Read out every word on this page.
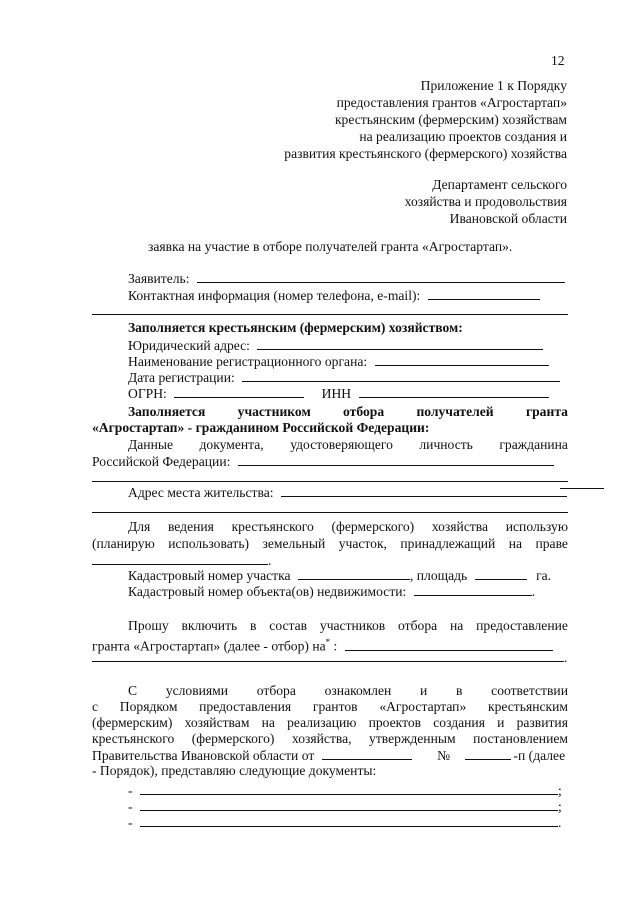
12
Приложение 1 к Порядку
предоставления грантов «Агростартап»
крестьянским (фермерским) хозяйствам
на реализацию проектов создания и
развития крестьянского (фермерского) хозяйства
Департамент сельского
хозяйства и продовольствия
Ивановской области
заявка на участие в отборе получателей гранта «Агростартап».
Заявитель:
Контактная информация (номер телефона, e-mail):
Заполняется крестьянским (фермерским) хозяйством:
Юридический адрес:
Наименование регистрационного органа:
Дата регистрации:
ОГРН:	ИНН
Заполняется участником отбора получателей гранта
«Агростартап» - гражданином Российской Федерации:
Данные документа, удостоверяющего личность гражданина
Российской Федерации:
Адрес места жительства:
Для ведения крестьянского (фермерского) хозяйства использую
(планирую использовать) земельный участок, принадлежащий на праве
.
Кадастровый номер участка	, площадь	га.
Кадастровый номер объекта(ов) недвижимости:	.
Прошу включить в состав участников отбора на предоставление
гранта «Агростартап» (далее - отбор) на* :
.
С условиями отбора ознакомлен и в соответствии
с Порядком предоставления грантов «Агростартап» крестьянским
(фермерским) хозяйствам на реализацию проектов создания и развития
крестьянского (фермерского) хозяйства, утвержденным постановлением
Правительства Ивановской области от	№	-п (далее
- Порядок), представляю следующие документы:
-	;
-	;
-	.
